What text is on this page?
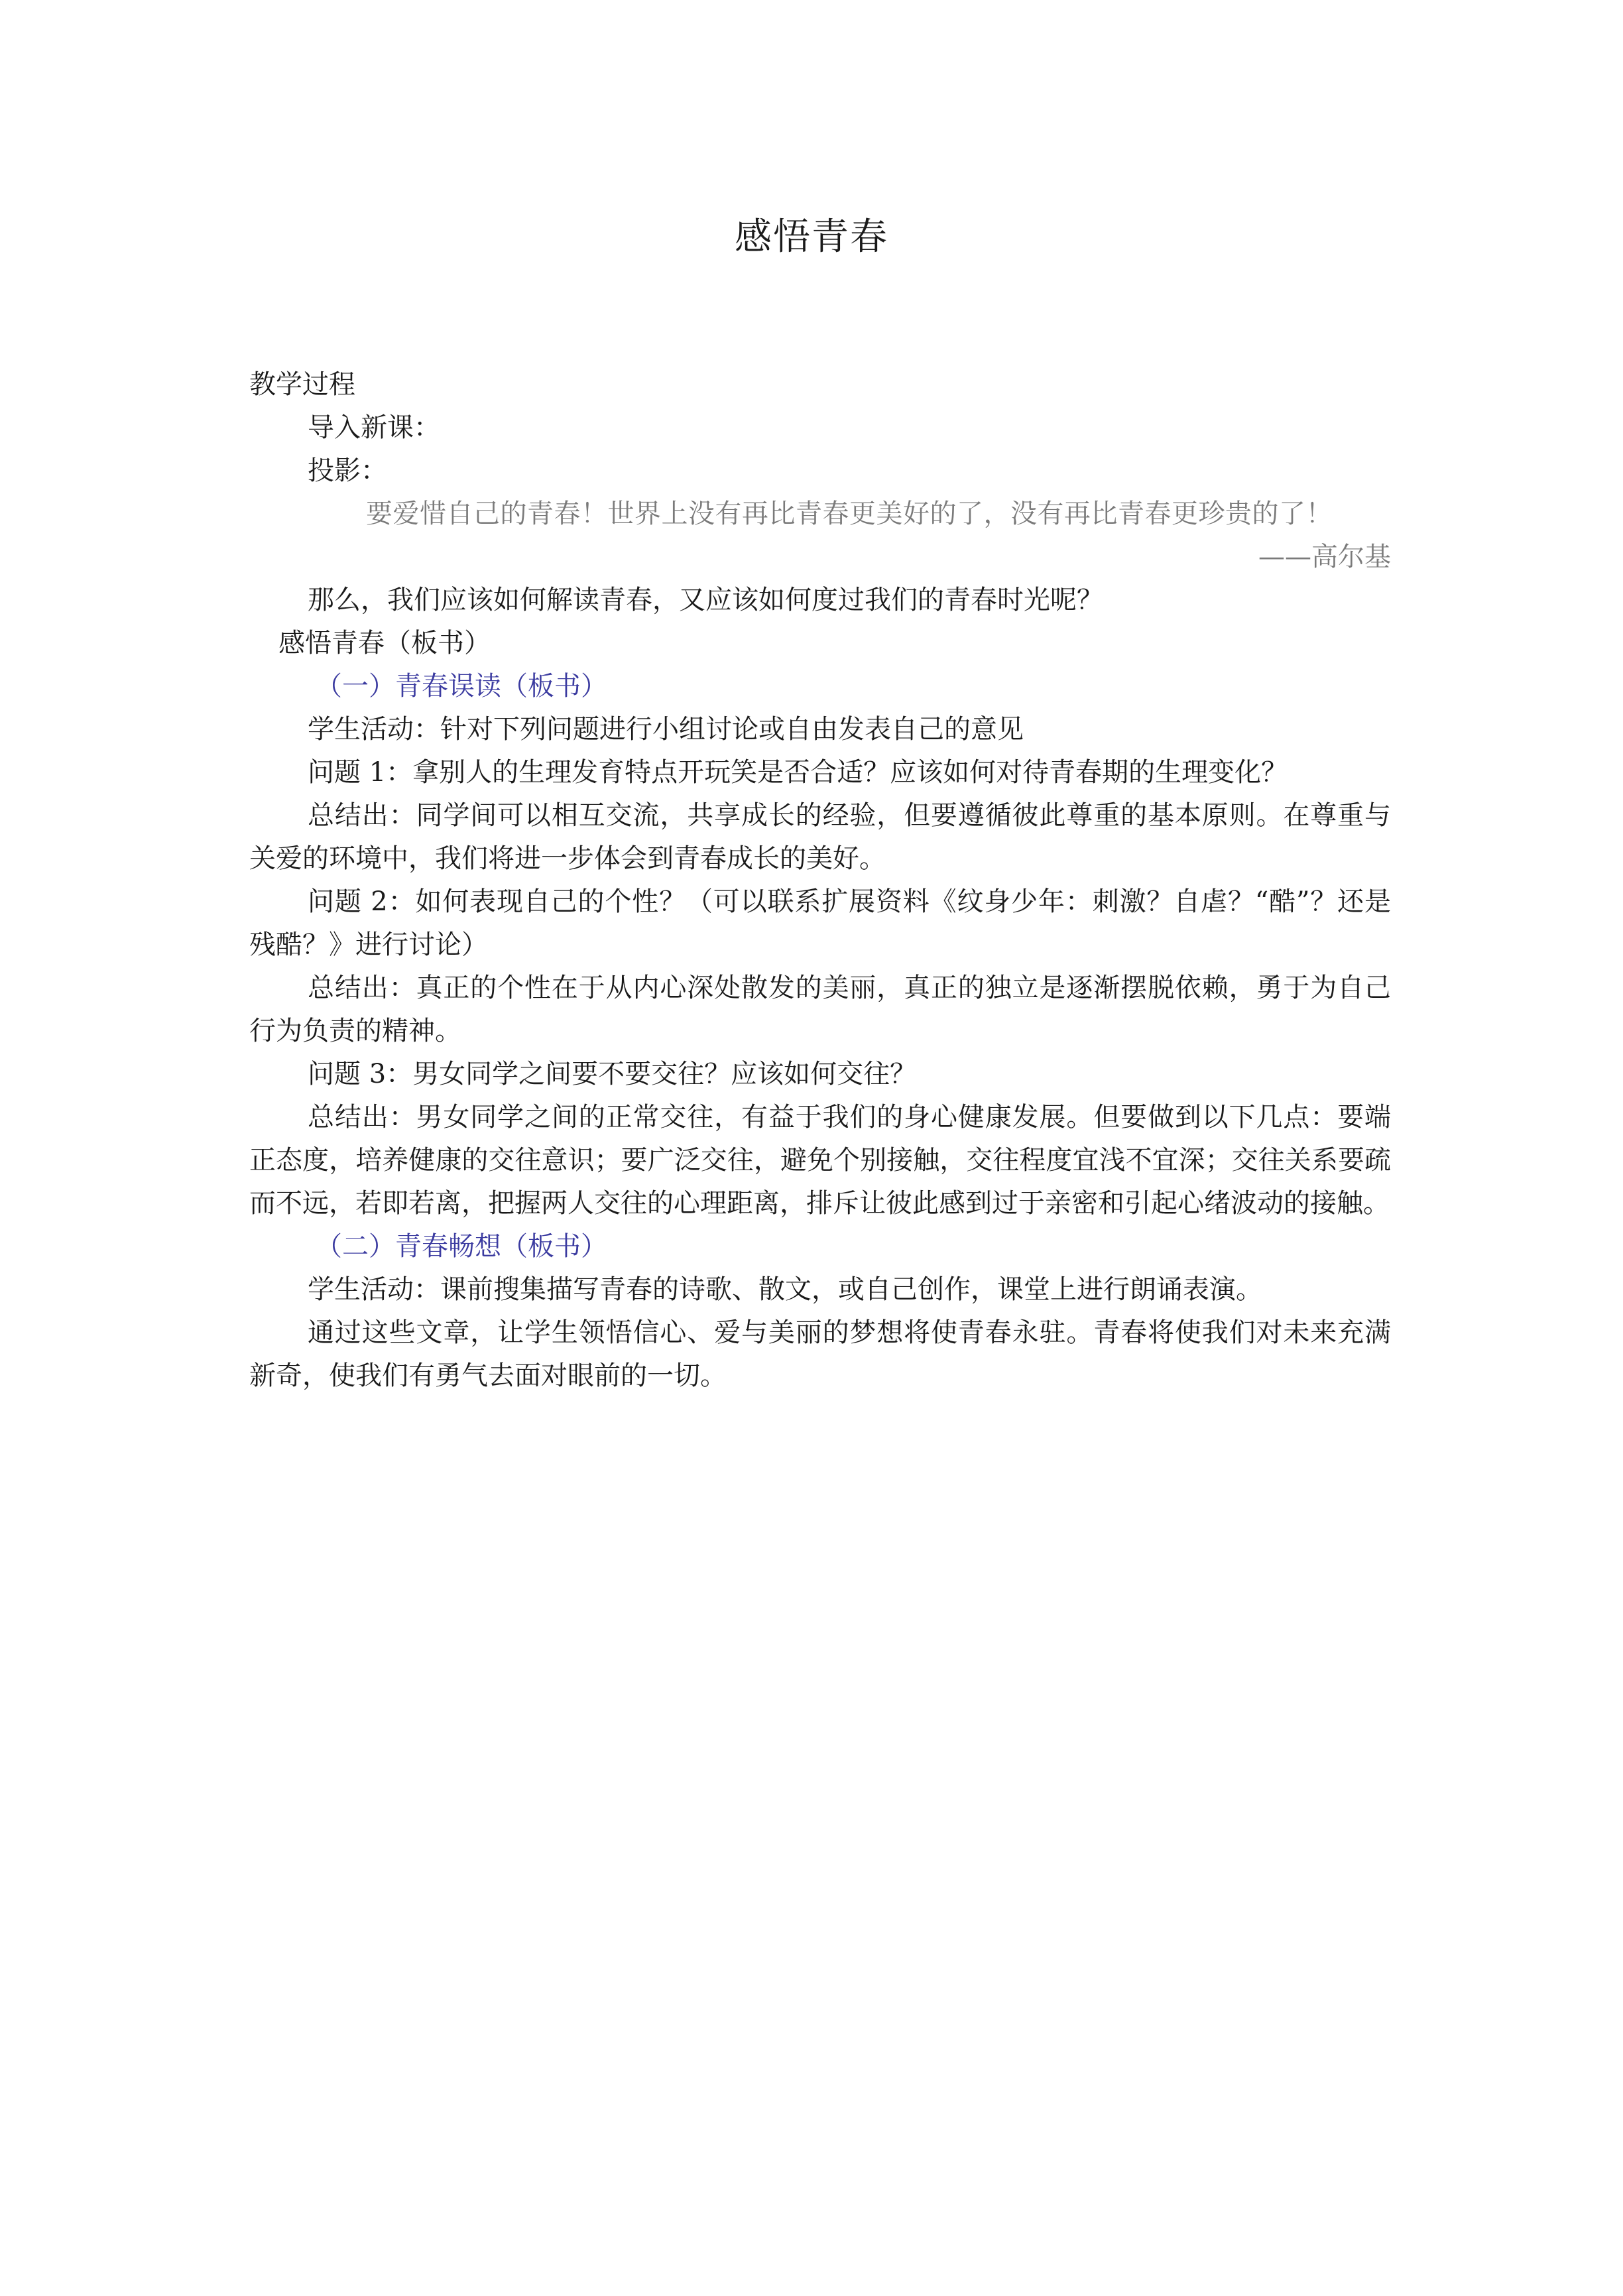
感悟青春
教学过程
导入新课：
投影：
要爱惜自己的青春！世界上没有再比青春更美好的了，没有再比青春更珍贵的了！
——高尔基
那么，我们应该如何解读青春，又应该如何度过我们的青春时光呢？
感悟青春（板书）
（一）青春误读（板书）
学生活动：针对下列问题进行小组讨论或自由发表自己的意见
问题 1：拿别人的生理发育特点开玩笑是否合适？应该如何对待青春期的生理变化？
总结出：同学间可以相互交流，共享成长的经验，但要遵循彼此尊重的基本原则。在尊重与关爱的环境中，我们将进一步体会到青春成长的美好。
问题 2：如何表现自己的个性？（可以联系扩展资料《纹身少年：刺激？自虐？“酷”？还是残酷？》进行讨论）
总结出：真正的个性在于从内心深处散发的美丽，真正的独立是逐渐摆脱依赖，勇于为自己行为负责的精神。
问题 3：男女同学之间要不要交往？应该如何交往？
总结出：男女同学之间的正常交往，有益于我们的身心健康发展。但要做到以下几点：要端正态度，培养健康的交往意识；要广泛交往，避免个别接触，交往程度宜浅不宜深；交往关系要疏而不远，若即若离，把握两人交往的心理距离，排斥让彼此感到过于亲密和引起心绪波动的接触。
（二）青春畅想（板书）
学生活动：课前搜集描写青春的诗歌、散文，或自己创作，课堂上进行朗诵表演。
通过这些文章，让学生领悟信心、爱与美丽的梦想将使青春永驻。青春将使我们对未来充满新奇，使我们有勇气去面对眼前的一切。
